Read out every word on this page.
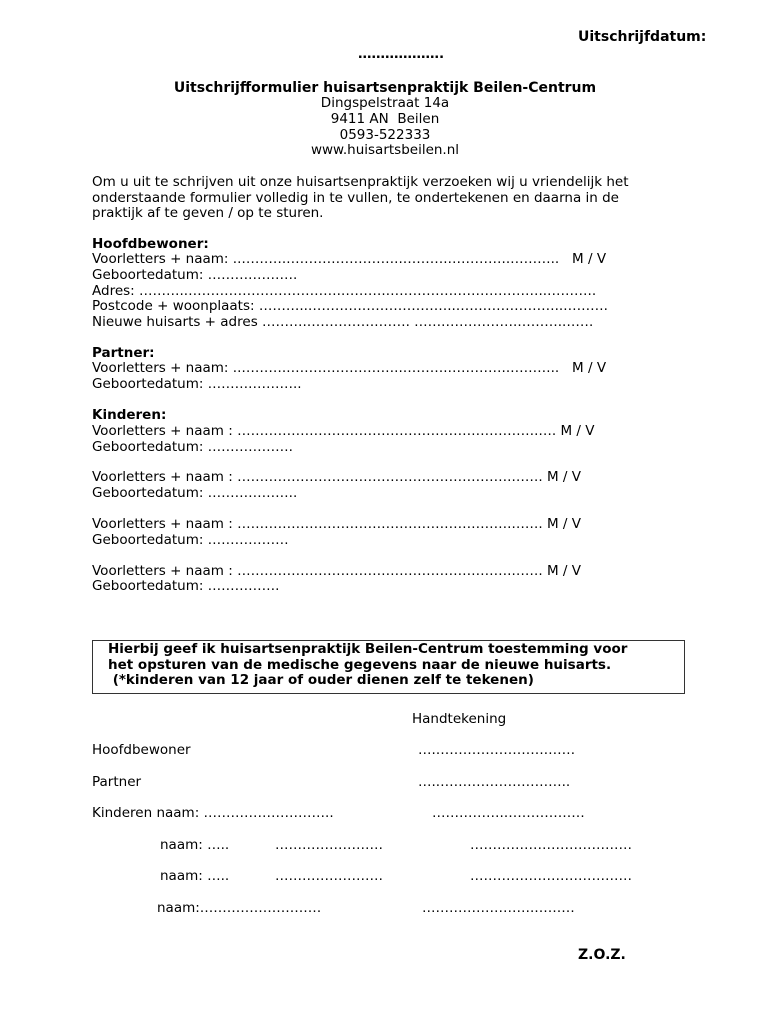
Uitschrijfdatum:
……………….
Uitschrijfformulier huisartsenpraktijk Beilen-Centrum
Dingspelstraat 14a
9411 AN  Beilen
0593-522333
www.huisartsbeilen.nl
Om u uit te schrijven uit onze huisartsenpraktijk verzoeken wij u vriendelijk het
onderstaande formulier volledig in te vullen, te ondertekenen en daarna in de
praktijk af te geven / op te sturen.
Hoofdbewoner:
Voorletters + naam: ..……….……………………..……….…………..………..   M / V
Geboortedatum: ……….……….
Adres: ………..…………………………….……….…………….………………..………..
Postcode + woonplaats: ………..………….………………..…….……………..……….
Nieuwe huisarts + adres ……….…………….……. …….…………….………..……
Partner:
Voorletters + naam: ..……….……………………..……….…………..………..   M / V
Geboortedatum: ……….………..
Kinderen:
Voorletters + naam : ………………………………………………………….…. M / V
Geboortedatum: ……………….
Voorletters + naam : …………………………………………………….……. M / V
Geboortedatum: ………………..
Voorletters + naam : …………………………………………………….……. M / V
Geboortedatum: ………………
Voorletters + naam : …………………………………………………….……. M / V
Geboortedatum: …………….
Hierbij geef ik huisartsenpraktijk Beilen-Centrum toestemming voor
het opsturen van de medische gegevens naar de nieuwe huisarts.
(*kinderen van 12 jaar of ouder dienen zelf te tekenen)
Handtekening
Hoofdbewoner	….…………………….……
Partner	…..………………………..
Kinderen naam: ………………………..	…………….………………
naam: …..	……………………	………………………………
naam: …..	……………………	………………………………
naam:………………………	…………………….………
Z.O.Z.
